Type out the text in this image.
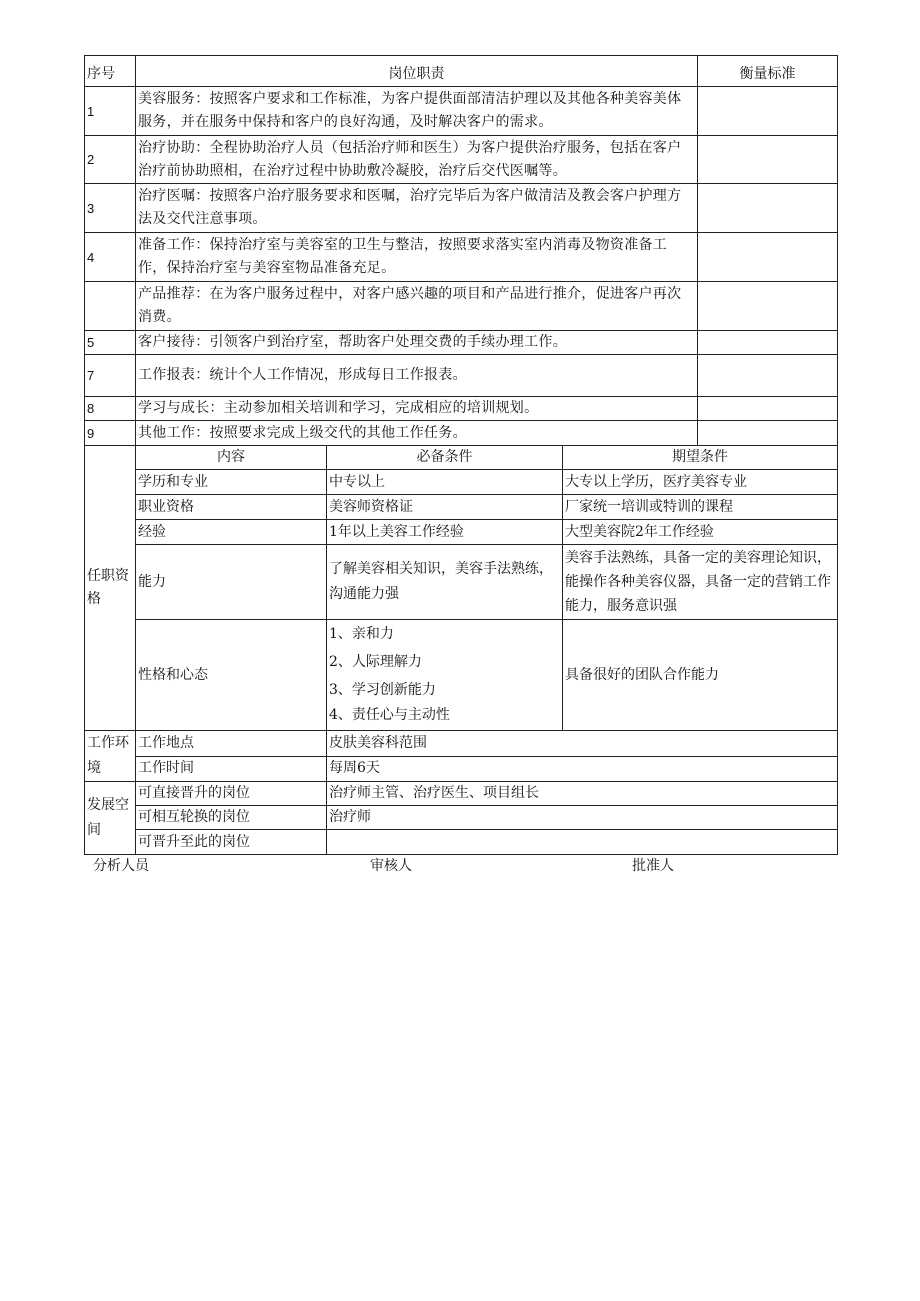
序号	岗位职责			衡量标准
1	美容服务：按照客户要求和工作标准，为客户提供面部清洁护理以及其他各种美容美体服务，并在服务中保持和客户的良好沟通，及时解决客户的需求。			
2	治疗协助：全程协助治疗人员（包括治疗师和医生）为客户提供治疗服务，包括在客户治疗前协助照相，在治疗过程中协助敷冷凝胶，治疗后交代医嘱等。			
3	治疗医嘱：按照客户治疗服务要求和医嘱，治疗完毕后为客户做清洁及教会客户护理方法及交代注意事项。			
4	准备工作：保持治疗室与美容室的卫生与整洁，按照要求落实室内消毒及物资准备工作，保持治疗室与美容室物品准备充足。			
	产品推荐：在为客户服务过程中，对客户感兴趣的项目和产品进行推介，促进客户再次消费。			
5	客户接待：引领客户到治疗室，帮助客户处理交费的手续办理工作。			
7	工作报表：统计个人工作情况，形成每日工作报表。			
8	学习与成长：主动参加相关培训和学习，完成相应的培训规划。			
9	其他工作：按照要求完成上级交代的其他工作任务。			
任职资格	内容	必备条件	期望条件	
	学历和专业	中专以上	大专以上学历，医疗美容专业	
	职业资格	美容师资格证	厂家统一培训或特训的课程	
	经验	1年以上美容工作经验	大型美容院2年工作经验	
	能力	了解美容相关知识，美容手法熟练，沟通能力强	美容手法熟练，具备一定的美容理论知识，能操作各种美容仪器，具备一定的营销工作能力，服务意识强	
	性格和心态	1、亲和力
2、人际理解力
3、学习创新能力
4、责任心与主动性	具备很好的团队合作能力	
工作环境	工作地点	皮肤美容科范围		
	工作时间	每周6天		
发展空间	可直接晋升的岗位	治疗师主管、治疗医生、项目组长		
	可相互轮换的岗位	治疗师		
	可晋升至此的岗位			
分析人员	审核人	批准人
